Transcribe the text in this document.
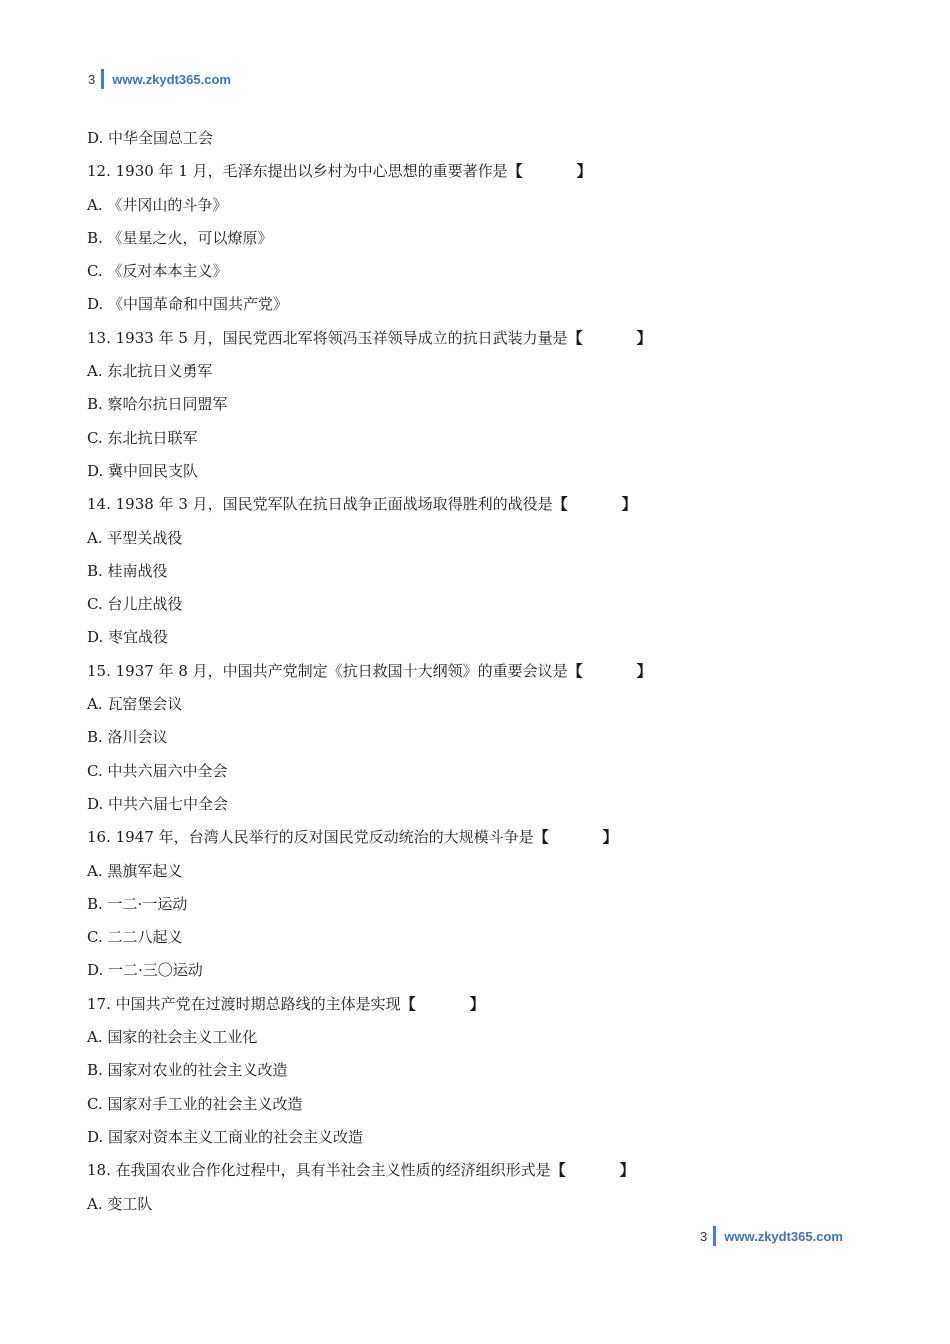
3 www.zkydt365.com
D. 中华全国总工会
12. 1930 年 1 月，毛泽东提出以乡村为中心思想的重要著作是【	】
A. 《井冈山的斗争》
B. 《星星之火，可以燎原》
C. 《反对本本主义》
D. 《中国革命和中国共产党》
13. 1933 年 5 月，国民党西北军将领冯玉祥领导成立的抗日武装力量是【	】
A. 东北抗日义勇军
B. 察哈尔抗日同盟军
C. 东北抗日联军
D. 冀中回民支队
14. 1938 年 3 月，国民党军队在抗日战争正面战场取得胜利的战役是【	】
A. 平型关战役
B. 桂南战役
C. 台儿庄战役
D. 枣宜战役
15. 1937 年 8 月，中国共产党制定《抗日救国十大纲领》的重要会议是【	】
A. 瓦窑堡会议
B. 洛川会议
C. 中共六届六中全会
D. 中共六届七中全会
16. 1947 年，台湾人民举行的反对国民党反动统治的大规模斗争是【	】
A. 黑旗军起义
B. 一二·一运动
C. 二二八起义
D. 一二·三〇运动
17. 中国共产党在过渡时期总路线的主体是实现【	】
A. 国家的社会主义工业化
B. 国家对农业的社会主义改造
C. 国家对手工业的社会主义改造
D. 国家对资本主义工商业的社会主义改造
18. 在我国农业合作化过程中，具有半社会主义性质的经济组织形式是【	】
A. 变工队
3 www.zkydt365.com
